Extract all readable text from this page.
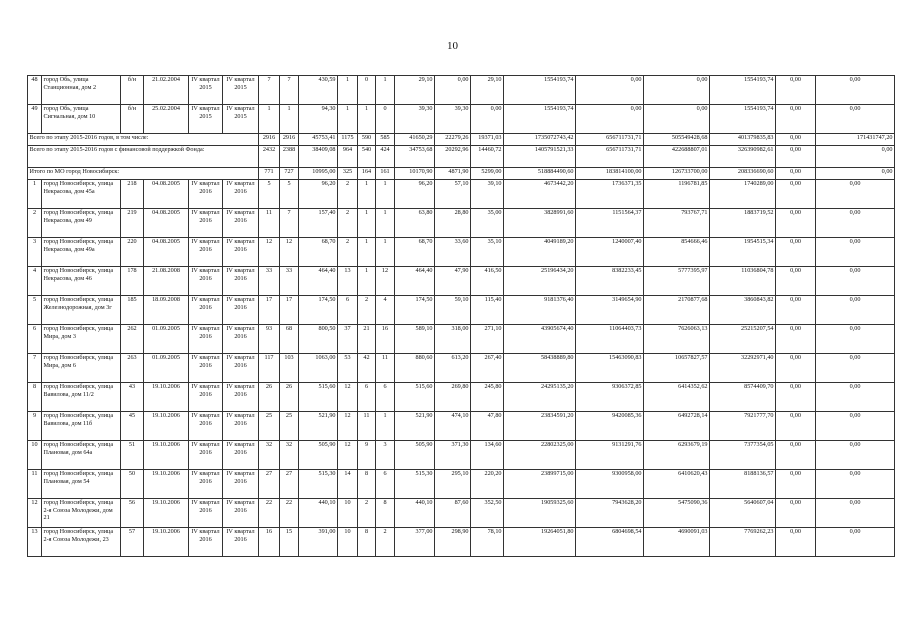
10
48	город Обь, улица Станционная, дом 2	б/н	21.02.2004	IV квартал 2015	IV квартал 2015	7	7	430,59	1	0	1	29,10	0,00	29,10	1554193,74	0,00	0,00	1554193,74	0,00	0,00
49	город Обь, улица Сигнальная, дом 10	б/н	25.02.2004	IV квартал 2015	IV квартал 2015	1	1	94,30	1	1	0	39,30	39,30	0,00	1554193,74	0,00	0,00	1554193,74	0,00	0,00
Всего по этапу 2015-2016 годов, в том числе:						2916	2916	45753,41	1175	590	585	41650,29	22279,26	19371,03	1735072743,42	656711731,71	505549428,68	401379835,83	0,00	171431747,20
Всего по этапу 2015-2016 годов с финансовой поддержкой Фонда:						2432	2388	38409,08	964	540	424	34753,68	20292,96	14460,72	1405791521,33	656711731,71	422688807,01	326390982,61	0,00	0,00
Итого по МО город Новосибирск:						771	727	10995,00	325	164	161	10170,90	4871,90	5299,00	518884490,60	183814100,00	126733700,00	208336690,60	0,00	0,00
1	город Новосибирск, улица Некрасова, дом 45а	218	04.08.2005	IV квартал 2016	IV квартал 2016	5	5	96,20	2	1	1	96,20	57,10	39,10	4673442,20	1736371,35	1196781,85	1740289,00	0,00	0,00
2	город Новосибирск, улица Некрасова, дом 49	219	04.08.2005	IV квартал 2016	IV квартал 2016	11	7	157,40	2	1	1	63,80	28,80	35,00	3828991,60	1151564,37	793767,71	1883719,52	0,00	0,00
3	город Новосибирск, улица Некрасова, дом 49а	220	04.08.2005	IV квартал 2016	IV квартал 2016	12	12	68,70	2	1	1	68,70	33,60	35,10	4049189,20	1240007,40	854666,46	1954515,34	0,00	0,00
4	город Новосибирск, улица Некрасова, дом 46	178	21.08.2008	IV квартал 2016	IV квартал 2016	33	33	464,40	13	1	12	464,40	47,90	416,50	25196434,20	8382233,45	5777395,97	11036804,78	0,00	0,00
5	город Новосибирск, улица Железнодорожная, дом 3г	185	18.09.2008	IV квартал 2016	IV квартал 2016	17	17	174,50	6	2	4	174,50	59,10	115,40	9181376,40	3149654,90	2170877,68	3860843,82	0,00	0,00
6	город Новосибирск, улица Мира, дом 3	262	01.09.2005	IV квартал 2016	IV квартал 2016	93	68	800,50	37	21	16	589,10	318,00	271,10	43905674,40	11064403,73	7626063,13	25215207,54	0,00	0,00
7	город Новосибирск, улица Мира, дом 6	263	01.09.2005	IV квартал 2016	IV квартал 2016	117	103	1063,00	53	42	11	880,60	613,20	267,40	58438889,80	15463090,83	10657827,57	32292971,40	0,00	0,00
8	город Новосибирск, улица Вавилова, дом 11/2	43	19.10.2006	IV квартал 2016	IV квартал 2016	26	26	515,60	12	6	6	515,60	269,80	245,80	24295135,20	9306372,85	6414352,62	8574409,70	0,00	0,00
9	город Новосибирск, улица Вавилова, дом 11б	45	19.10.2006	IV квартал 2016	IV квартал 2016	25	25	521,90	12	11	1	521,90	474,10	47,80	23834591,20	9420085,36	6492728,14	7921777,70	0,00	0,00
10	город Новосибирск, улица Плановая, дом 64а	51	19.10.2006	IV квартал 2016	IV квартал 2016	32	32	505,90	12	9	3	505,90	371,30	134,60	22802325,00	9131291,76	6293679,19	7377354,05	0,00	0,00
11	город Новосибирск, улица Плановая, дом 54	50	19.10.2006	IV квартал 2016	IV квартал 2016	27	27	515,30	14	8	6	515,30	295,10	220,20	23899715,00	9300958,00	6410620,43	8188136,57	0,00	0,00
12	город Новосибирск, улица 2-я Союза Молодежи, дом 21	56	19.10.2006	IV квартал 2016	IV квартал 2016	22	22	440,10	10	2	8	440,10	87,60	352,50	19059325,60	7943628,20	5475090,36	5640607,04	0,00	0,00
13	город Новосибирск, улица 2-я Союза Молодежи, 23	57	19.10.2006	IV квартал 2016	IV квартал 2016	16	15	391,00	10	8	2	377,00	298,90	78,10	19264051,80	6804698,54	4690091,03	7769262,23	0,00	0,00
